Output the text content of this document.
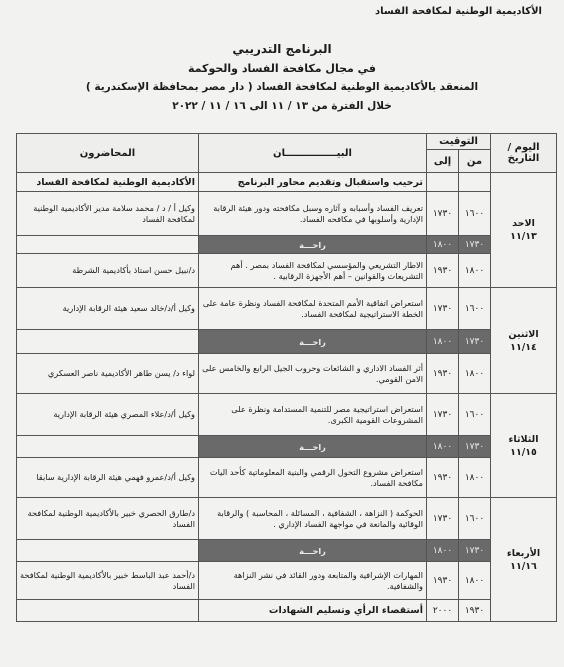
الأكاديمية الوطنية لمكافحة الفساد
البرنامج التدريبي
في مجال مكافحة الفساد والحوكمة
المنعقد بالأكاديمية الوطنية لمكافحة الفساد ( دار مصر بمحافظة الإسكندرية )
خلال الفترة من ١٣ / ١١ الى ١٦ / ١١ / ٢٠٢٢
اليوم / التاريخ	التوقيت		البيـــــــــــــــان	المحاضرون
	من	إلى		

الاحد
١١/١٣			ترحيب واستقبال وتقديم محاور البرنامج	الأكاديمية الوطنية لمكافحة الفساد
	١٦٠٠	١٧٣٠	تعريف الفساد وأسبابه و آثاره وسبل مكافحته ودور هيئة الرقابة الإدارية وأسلوبها في مكافحه الفساد.	وكيل أ / د / محمد سلامة مدير الأكاديمية الوطنية لمكافحة الفساد
	١٧٣٠	١٨٠٠	راحـــة	
	١٨٠٠	١٩٣٠	الاطار التشريعي والمؤسسي لمكافحة الفساد بمصر . أهم التشريعات والقوانين – أهم الأجهزة الرقابية .	د/نبيل حسن استاذ بأكاديمية الشرطة

الاثنين
١١/١٤	١٦٠٠	١٧٣٠	استعراض اتفاقية الأمم المتحدة لمكافحة الفساد ونظرة عامة على الخطة الاستراتيجية لمكافحة الفساد.	وكيل أ/د/خالد سعيد هيئة الرقابة الإدارية
	١٧٣٠	١٨٠٠	راحـــة	
	١٨٠٠	١٩٣٠	أثر الفساد الاداري و الشائعات وحروب الجيل الرابع والخامس على الامن القومي.	لواء د/ يسن طاهر الأكاديمية ناصر العسكري

الثلاثاء
١١/١٥	١٦٠٠	١٧٣٠	استعراض استراتيجية مصر للتنمية المستدامة ونظرة على المشروعات القومية الكبرى.	وكيل أ/د/علاء المصري هيئة الرقابة الإدارية
	١٧٣٠	١٨٠٠	راحـــة	
	١٨٠٠	١٩٣٠	استعراض مشروع التحول الرقمي والبنية المعلوماتية كأحد اليات مكافحة الفساد.	وكيل أ/د/عمرو فهمي هيئة الرقابة الإدارية سابقا

الأربعاء
١١/١٦	١٦٠٠	١٧٣٠	الحوكمة ( النزاهة ، الشفافية ، المسائلة ، المحاسبة ) والرقابة الوقائية والمانعة في مواجهة الفساد الإداري .	د/طارق الحصري خبير بالأكاديمية الوطنية لمكافحة الفساد
	١٧٣٠	١٨٠٠	راحـــة	
	١٨٠٠	١٩٣٠	المهارات الإشرافية والمتابعة ودور القائد في نشر النزاهة والشفافية.	د/أحمد عبد الباسط خبير بالأكاديمية الوطنية لمكافحة الفساد
	١٩٣٠	٢٠٠٠	أستقصاء الرأي وتسليم الشهادات	
